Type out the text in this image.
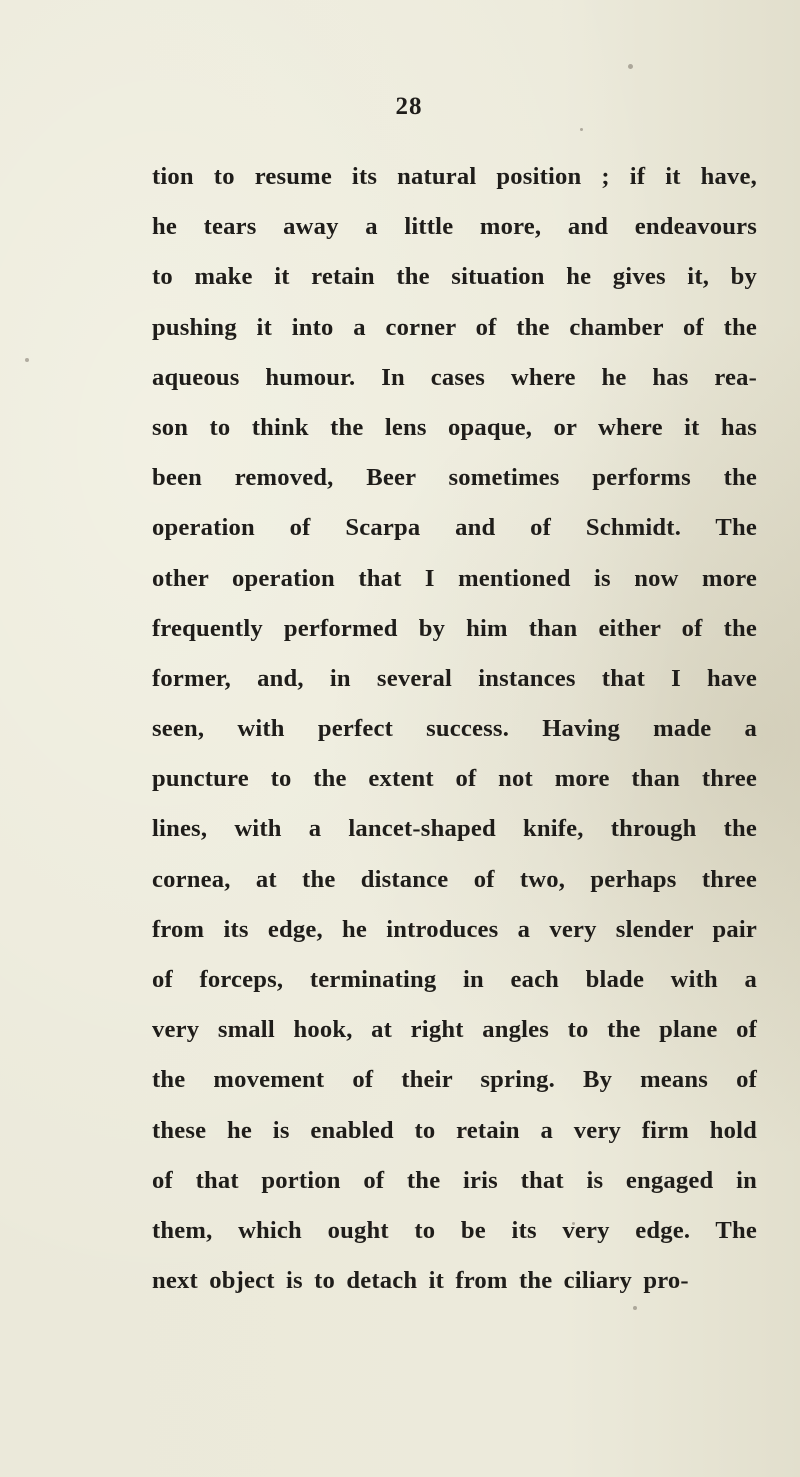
28
tion to resume its natural position ; if it have,
he tears away a little more, and endeavours
to make it retain the situation he gives it, by
pushing it into a corner of the chamber of the
aqueous humour. In cases where he has rea-
son to think the lens opaque, or where it has
been removed, Beer sometimes performs the
operation of Scarpa and of Schmidt. The
other operation that I mentioned is now more
frequently performed by him than either of the
former, and, in several instances that I have
seen, with perfect success. Having made a
puncture to the extent of not more than three
lines, with a lancet-shaped knife, through the
cornea, at the distance of two, perhaps three
from its edge, he introduces a very slender pair
of forceps, terminating in each blade with a
very small hook, at right angles to the plane of
the movement of their spring. By means of
these he is enabled to retain a very firm hold
of that portion of the iris that is engaged in
them, which ought to be its very edge. The
next object is to detach it from the ciliary pro-
